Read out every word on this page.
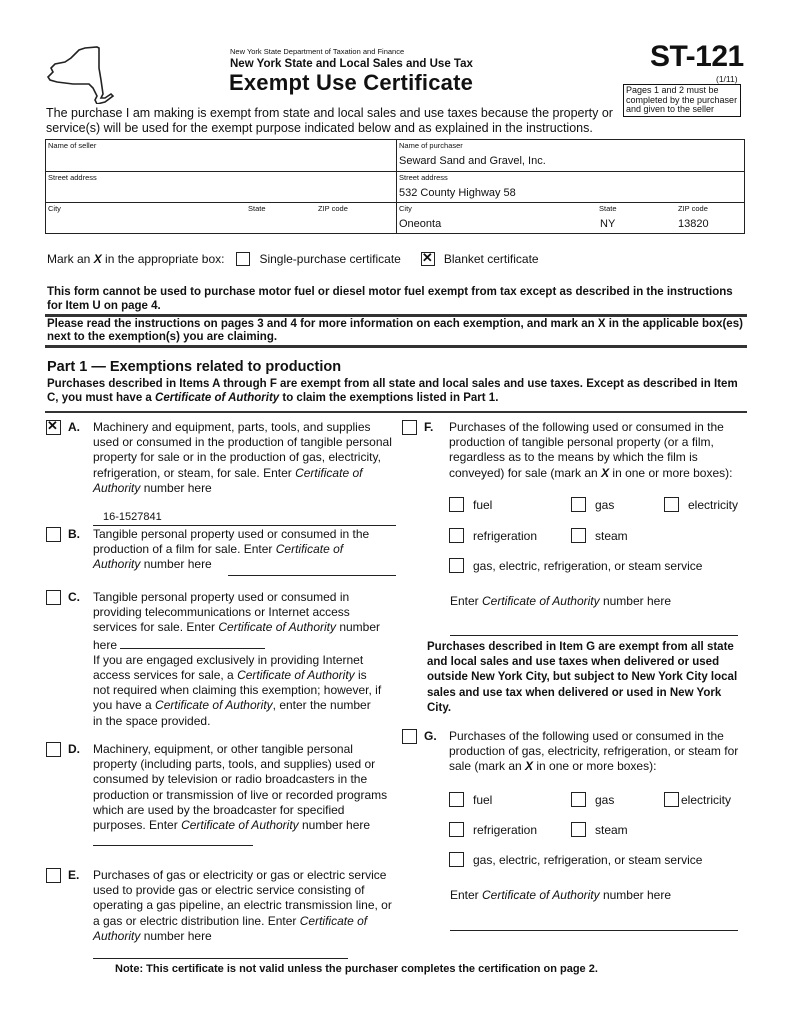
New York State Department of Taxation and Finance
New York State and Local Sales and Use Tax
Exempt Use Certificate
ST-121
(1/11)
Pages 1 and 2 must be completed by the purchaser and given to the seller
The purchase I am making is exempt from state and local sales and use taxes because the property or service(s) will be used for the exempt purpose indicated below and as explained in the instructions.
Name of seller
Street address
City	State	ZIP code
Name of purchaser
Seward Sand and Gravel, Inc.
Street address
532 County Highway 58
City
Oneonta
State
NY
ZIP code
13820
Mark an X in the appropriate box:	Single-purchase certificate ✕	Blanket certificate
This form cannot be used to purchase motor fuel or diesel motor fuel exempt from tax except as described in the instructions for Item U on page 4.
Please read the instructions on pages 3 and 4 for more information on each exemption, and mark an X in the applicable box(es) next to the exemption(s) you are claiming.
Part 1 — Exemptions related to production
Purchases described in Items A through F are exempt from all state and local sales and use taxes. Except as described in Item C, you must have a Certificate of Authority to claim the exemptions listed in Part 1.
✕
A. Machinery and equipment, parts, tools, and supplies used or consumed in the production of tangible personal property for sale or in the production of gas, electricity, refrigeration, or steam, for sale. Enter Certificate of Authority number here
16-1527841
B. Tangible personal property used or consumed in the production of a film for sale. Enter Certificate of Authority number here
C. Tangible personal property used or consumed in providing telecommunications or Internet access services for sale. Enter Certificate of Authority number here
If you are engaged exclusively in providing Internet access services for sale, a Certificate of Authority is not required when claiming this exemption; however, if you have a Certificate of Authority, enter the number in the space provided.
D. Machinery, equipment, or other tangible personal property (including parts, tools, and supplies) used or consumed by television or radio broadcasters in the production or transmission of live or recorded programs which are used by the broadcaster for specified purposes. Enter Certificate of Authority number here
E. Purchases of gas or electricity or gas or electric service used to provide gas or electric service consisting of operating a gas pipeline, an electric transmission line, or a gas or electric distribution line. Enter Certificate of Authority number here
F. Purchases of the following used or consumed in the production of tangible personal property (or a film, regardless as to the means by which the film is conveyed) for sale (mark an X in one or more boxes):
fuel	gas	electricity
refrigeration	steam
gas, electric, refrigeration, or steam service
Enter Certificate of Authority number here
Purchases described in Item G are exempt from all state and local sales and use taxes when delivered or used outside New York City, but subject to New York City local sales and use tax when delivered or used in New York City.
G. Purchases of the following used or consumed in the production of gas, electricity, refrigeration, or steam for sale (mark an X in one or more boxes):
fuel	gas	electricity
refrigeration	steam
gas, electric, refrigeration, or steam service
Enter Certificate of Authority number here
Note: This certificate is not valid unless the purchaser completes the certification on page 2.
